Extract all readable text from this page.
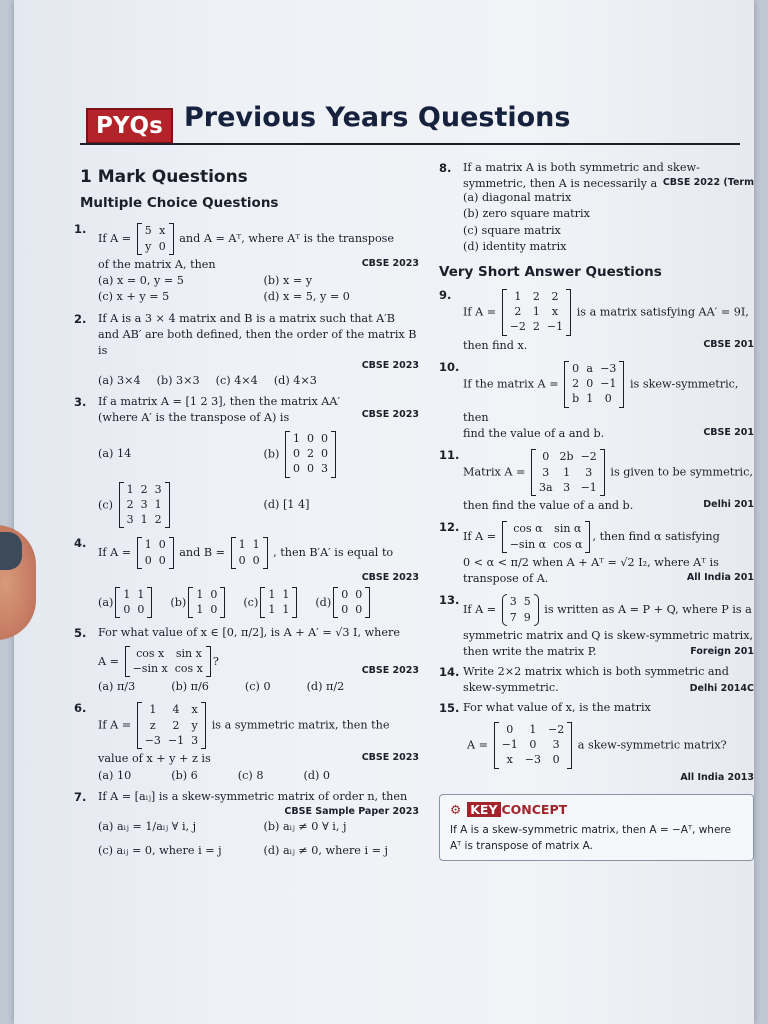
PYQs Previous Years Questions
1 Mark Questions
Multiple Choice Questions
1.
If A =
5 x
y 0
and A = Aᵀ, where Aᵀ is the transpose
CBSE 2023
of the matrix A, then
(a) x = 0, y = 5	(b) x = y
(c) x + y = 5	(d) x = 5, y = 0
2. If A is a 3 × 4 matrix and B is a matrix such that A′B and AB′ are both defined, then the order of the matrix B is
CBSE 2023
(a) 3×4 (b) 3×3 (c) 4×4 (d) 4×3
3.
CBSE 2023
If a matrix A = [1 2 3], then the matrix AA′ (where A′ is the transpose of A) is
(a) 14	(b)
1 0 0
0 2 0
0 0 3
(c)
1 2 3
2 3 1
3 1 2
(d) [1 4]
4.
If A =
1 0
0 0
and B =
1 1
0 0
, then B′A′ is equal to
CBSE 2023
(a)
1 1
0 0
(b)
1 0
1 0
(c)
1 1
1 1
(d)
0 0
0 0
5. For what value of x ∈ [0, π/2], is A + A′ = √3 I, where
CBSE 2023
A =
cos x	sin x
−sin x cos x
?
(a) π/3	(b) π/6	(c) 0	(d) π/2
6.
If A =
1	4	x
z	2	y
−3 −1 3
is a symmetric matrix, then the
CBSE 2023
value of x + y + z is
(a) 10	(b) 6	(c) 8	(d) 0
7. If A = [aᵢⱼ] is a skew-symmetric matrix of order n, then
CBSE Sample Paper 2023
(a) aᵢⱼ = 1/aᵢⱼ ∀ i, j	(b) aᵢⱼ ≠ 0 ∀ i, j
(c) aᵢⱼ = 0, where i = j	(d) aᵢⱼ ≠ 0, where i = j
8. If a matrix A is both symmetric and skew- symmetric, then A is necessarily a CBSE 2022 (Term
(a) diagonal matrix
(b) zero square matrix
(c) square matrix
(d) identity matrix
Very Short Answer Questions
9.
If A =
1	2	2
2	1	x
−2 2 −1
is a matrix satisfying AA′ = 9I,
CBSE 201
then find x.
10.
If the matrix A =
0 a −3
2 0 −1
b 1	0
is skew-symmetric, then
CBSE 201
find the value of a and b.
11.
Matrix A =
0 2b −2
3	1	3
3a 3 −1
is given to be symmetric,
Delhi 201
then find the value of a and b.
12.
If A =
cos α	sin α
−sin α cos α
, then find α satisfying
0 < α < π/2 when A + Aᵀ = √2 I₂, where Aᵀ is
All India 201
transpose of A.
13.
If A =
3 5
7 9
is written as A = P + Q, where P is a
symmetric matrix and Q is skew-symmetric matrix, then write the matrix P.	Foreign 201
14. Write 2×2 matrix which is both symmetric and skew-symmetric.	Delhi 2014C
15. For what value of x, is the matrix
A =
0	1	−2
−1	0	3
x	−3	0
a skew-symmetric matrix?
All India 2013
⚙ KEY CONCEPT
If A is a skew-symmetric matrix, then A = −Aᵀ, where Aᵀ is transpose of matrix A.
